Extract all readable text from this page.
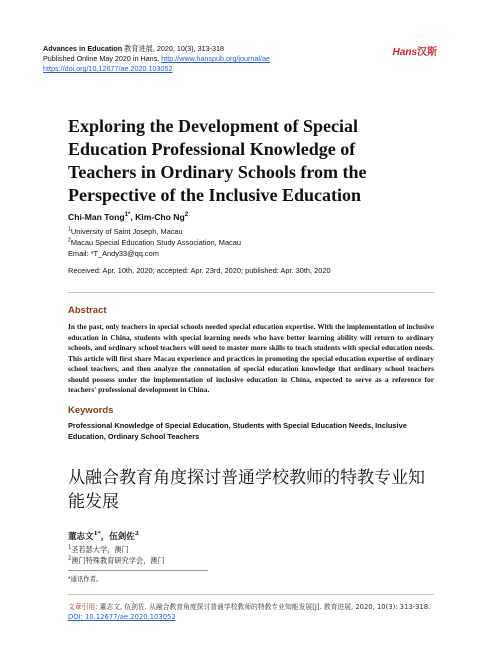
Advances in Education 教育进展, 2020, 10(3), 313-318
Published Online May 2020 in Hans. http://www.hanspub.org/journal/ae
https://doi.org/10.12677/ae.2020.103052
Hans汉斯
Exploring the Development of Special Education Professional Knowledge of Teachers in Ordinary Schools from the Perspective of the Inclusive Education
Chi-Man Tong$^{1*}$, Kim-Cho Ng$^2$
$^1$University of Saint Joseph, Macau
$^2$Macau Special Education Study Association, Macau
Email: *T_Andy33@qq.com
Received: Apr. 10th, 2020; accepted: Apr. 23rd, 2020; published: Apr. 30th, 2020
Abstract
In the past, only teachers in special schools needed special education expertise. With the implementation of inclusive education in China, students with special learning needs who have better learning ability will return to ordinary schools, and ordinary school teachers will need to master more skills to teach students with special education needs. This article will first share Macau experience and practices in promoting the special education expertise of ordinary school teachers, and then analyze the connotation of special education knowledge that ordinary school teachers should possess under the implementation of inclusive education in China, expected to serve as a reference for teachers' professional development in China.
Keywords
Professional Knowledge of Special Education, Students with Special Education Needs, Inclusive Education, Ordinary School Teachers
从融合教育角度探讨普通学校教师的特教专业知能发展
董志文$^{1*}$，伍剑佐$^2$
$^1$圣若瑟大学，澳门
$^2$澳门特殊教育研究学会，澳门
*通讯作者。
文章引用: 董志文, 伍剑佐. 从融合教育角度探讨普通学校教师的特教专业知能发展[J]. 教育进展, 2020, 10(3): 313-318. DOI: 10.12677/ae.2020.103052
